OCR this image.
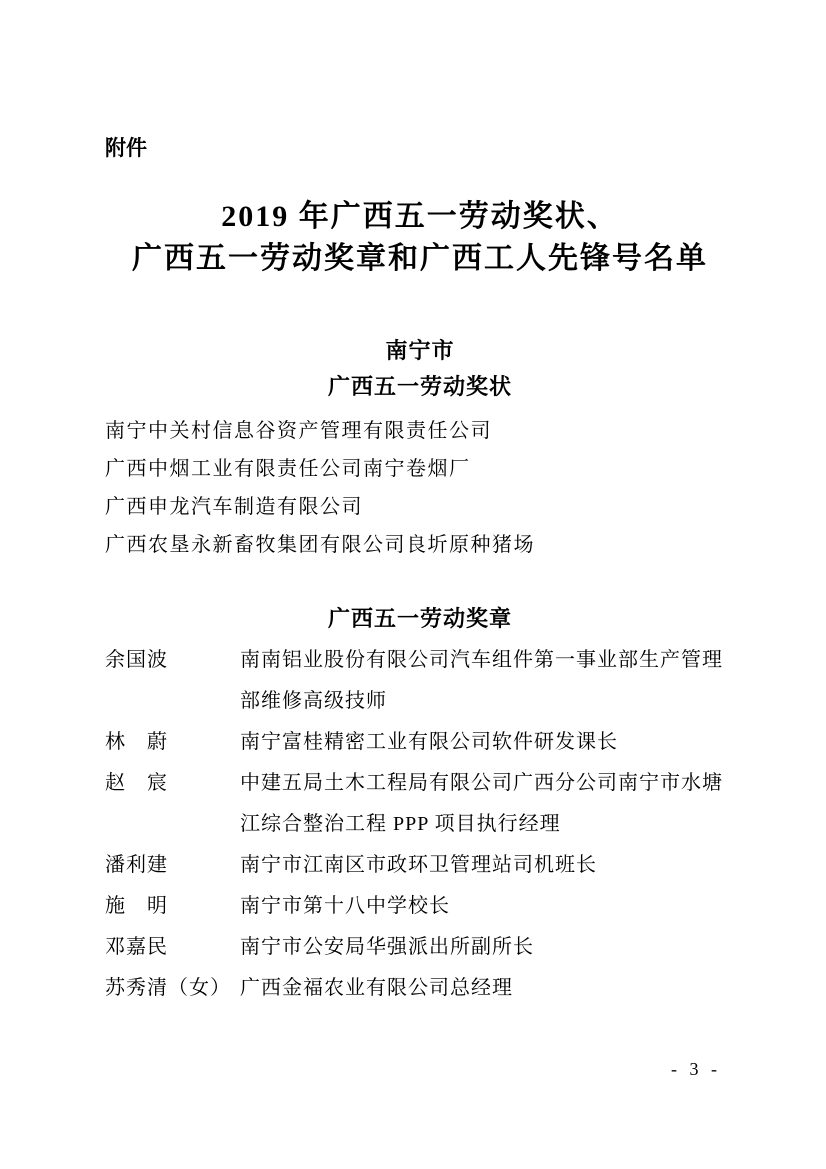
附件
2019 年广西五一劳动奖状、
广西五一劳动奖章和广西工人先锋号名单
南宁市
广西五一劳动奖状
南宁中关村信息谷资产管理有限责任公司
广西中烟工业有限责任公司南宁卷烟厂
广西申龙汽车制造有限公司
广西农垦永新畜牧集团有限公司良圻原种猪场
广西五一劳动奖章
余国波	南南铝业股份有限公司汽车组件第一事业部生产管理部维修高级技师
林　蔚	南宁富桂精密工业有限公司软件研发课长
赵　宸	中建五局土木工程局有限公司广西分公司南宁市水塘江综合整治工程 PPP 项目执行经理
潘利建	南宁市江南区市政环卫管理站司机班长
施　明	南宁市第十八中学校长
邓嘉民	南宁市公安局华强派出所副所长
苏秀清（女） 广西金福农业有限公司总经理
- 3 -
